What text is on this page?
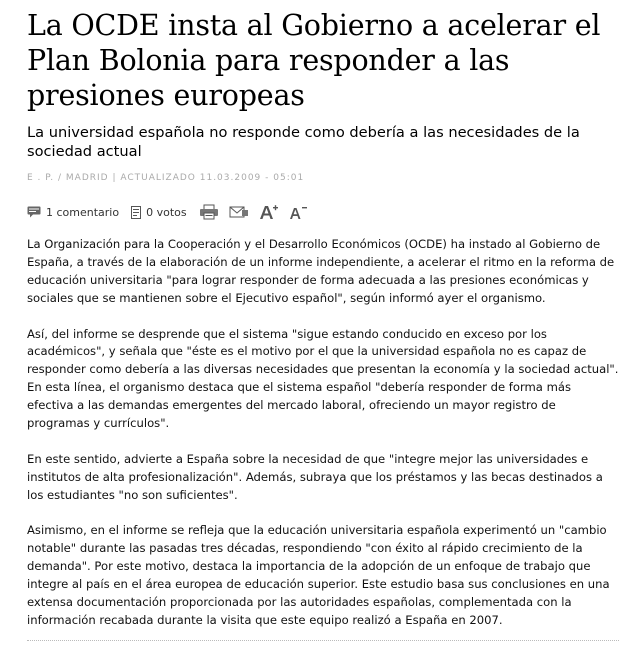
La OCDE insta al Gobierno a acelerar el Plan Bolonia para responder a las presiones europeas
La universidad española no responde como debería a las necesidades de la sociedad actual
E . P. / MADRID | ACTUALIZADO 11.03.2009 - 05:01
1 comentario 0 votos

La Organización para la Cooperación y el Desarrollo Económicos (OCDE) ha instado al Gobierno de España, a través de la elaboración de un informe independiente, a acelerar el ritmo en la reforma de educación universitaria "para lograr responder de forma adecuada a las presiones económicas y sociales que se mantienen sobre el Ejecutivo español", según informó ayer el organismo.

Así, del informe se desprende que el sistema "sigue estando conducido en exceso por los académicos", y señala que "éste es el motivo por el que la universidad española no es capaz de responder como debería a las diversas necesidades que presentan la economía y la sociedad actual". En esta línea, el organismo destaca que el sistema español "debería responder de forma más efectiva a las demandas emergentes del mercado laboral, ofreciendo un mayor registro de programas y currículos".

En este sentido, advierte a España sobre la necesidad de que "integre mejor las universidades e institutos de alta profesionalización". Además, subraya que los préstamos y las becas destinados a los estudiantes "no son suficientes".

Asimismo, en el informe se refleja que la educación universitaria española experimentó un "cambio notable" durante las pasadas tres décadas, respondiendo "con éxito al rápido crecimiento de la demanda". Por este motivo, destaca la importancia de la adopción de un enfoque de trabajo que integre al país en el área europea de educación superior. Este estudio basa sus conclusiones en una extensa documentación proporcionada por las autoridades españolas, complementada con la información recabada durante la visita que este equipo realizó a España en 2007.
